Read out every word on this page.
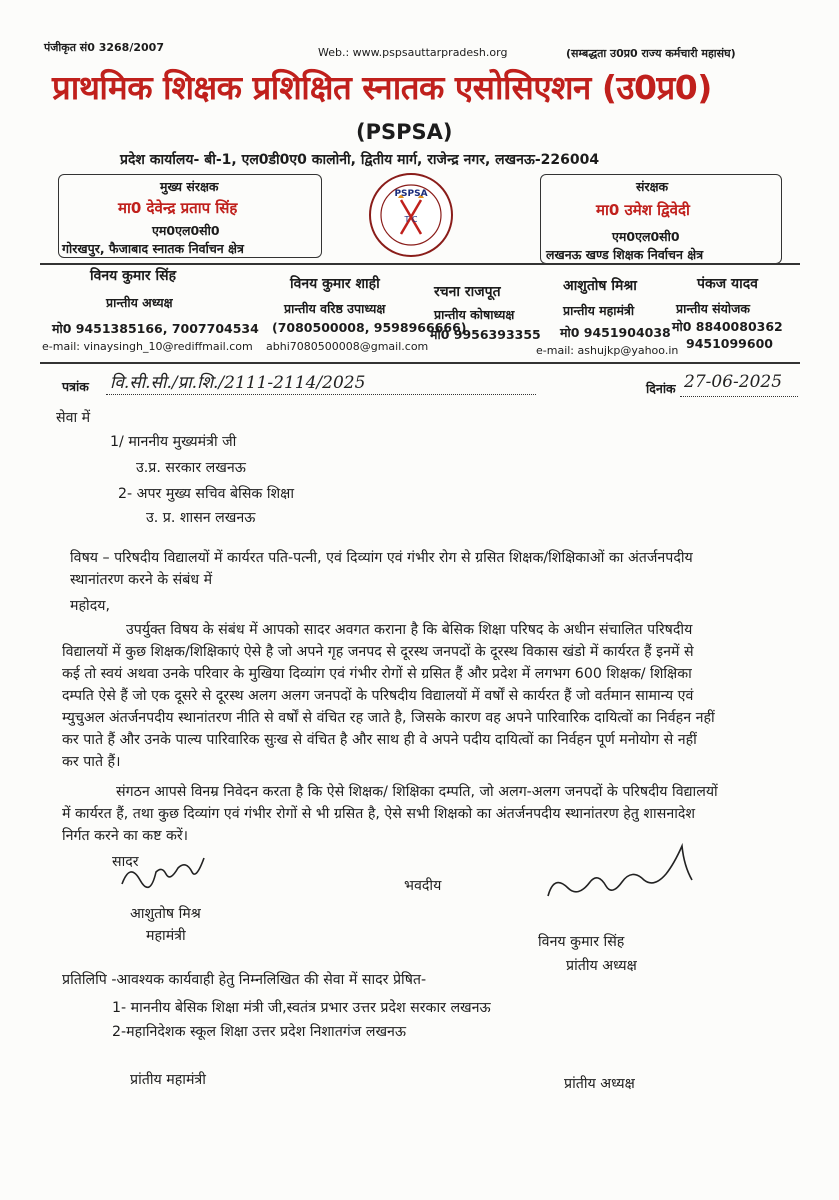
पंजीकृत सं0 3268/2007	Web.: www.pspsauttarpradesh.org	(सम्बद्धता उ0प्र0 राज्य कर्मचारी महासंघ)
प्राथमिक शिक्षक प्रशिक्षित स्नातक एसोसिएशन (उ0प्र0)
(PSPSA)
प्रदेश कार्यालय- बी-1, एल0डी0ए0 कालोनी, द्वितीय मार्ग, राजेन्द्र नगर, लखनऊ-226004
मुख्य संरक्षक
मा0 देवेन्द्र प्रताप सिंह
एम0एल0सी0
गोरखपुर, फैजाबाद स्नातक निर्वाचन क्षेत्र
संरक्षक
मा0 उमेश द्विवेदी
एम0एल0सी0
लखनऊ खण्ड शिक्षक निर्वाचन क्षेत्र
PSPSA
T C
विनय कुमार सिंह
प्रान्तीय अध्यक्ष
मो0 9451385166, 7007704534
e-mail: vinaysingh_10@rediffmail.com
विनय कुमार शाही
प्रान्तीय वरिष्ठ उपाध्यक्ष
(7080500008, 9598966666)
abhi7080500008@gmail.com
रचना राजपूत
प्रान्तीय कोषाध्यक्ष
मो0 9956393355
आशुतोष मिश्रा
प्रान्तीय महामंत्री
मो0 9451904038
e-mail: ashujkp@yahoo.in
पंकज यादव
प्रान्तीय संयोजक
मो0 8840080362
9451099600
पत्रांक वि.सी.सी./प्रा.शि./2111-2114/2025	दिनांक 27-06-2025
सेवा में
1/ माननीय मुख्यमंत्री जी
उ.प्र. सरकार लखनऊ
2- अपर मुख्य सचिव बेसिक शिक्षा
उ. प्र. शासन लखनऊ
विषय – परिषदीय विद्यालयों में कार्यरत पति-पत्नी, एवं दिव्यांग एवं गंभीर रोग से ग्रसित शिक्षक/शिक्षिकाओं का अंतर्जनपदीय
स्थानांतरण करने के संबंध में
महोदय,
उपर्युक्त विषय के संबंध में आपको सादर अवगत कराना है कि बेसिक शिक्षा परिषद के अधीन संचालित परिषदीय
विद्यालयों में कुछ शिक्षक/शिक्षिकाएं ऐसे है जो अपने गृह जनपद से दूरस्थ जनपदों के दूरस्थ विकास खंडो में कार्यरत हैं इनमें से
कई तो स्वयं अथवा उनके परिवार के मुखिया दिव्यांग एवं गंभीर रोगों से ग्रसित हैं और प्रदेश में लगभग 600 शिक्षक/ शिक्षिका
दम्पति ऐसे हैं जो एक दूसरे से दूरस्थ अलग अलग जनपदों के परिषदीय विद्यालयों में वर्षों से कार्यरत हैं जो वर्तमान सामान्य एवं
म्युचुअल अंतर्जनपदीय स्थानांतरण नीति से वर्षों से वंचित रह जाते है, जिसके कारण वह अपने पारिवारिक दायित्वों का निर्वहन नहीं
कर पाते हैं और उनके पाल्य पारिवारिक सुःख से वंचित है और साथ ही वे अपने पदीय दायित्वों का निर्वहन पूर्ण मनोयोग से नहीं
कर पाते हैं।
संगठन आपसे विनम्र निवेदन करता है कि ऐसे शिक्षक/ शिक्षिका दम्पति, जो अलग-अलग जनपदों के परिषदीय विद्यालयों
में कार्यरत हैं, तथा कुछ दिव्यांग एवं गंभीर रोगों से भी ग्रसित है, ऐसे सभी शिक्षको का अंतर्जनपदीय स्थानांतरण हेतु शासनादेश
निर्गत करने का कष्ट करें।
सादर
भवदीय
आशुतोष मिश्र
महामंत्री	विनय कुमार सिंह
प्रांतीय अध्यक्ष
प्रतिलिपि -आवश्यक कार्यवाही हेतु निम्नलिखित की सेवा में सादर प्रेषित-
1- माननीय बेसिक शिक्षा मंत्री जी,स्वतंत्र प्रभार उत्तर प्रदेश सरकार लखनऊ
2-महानिदेशक स्कूल शिक्षा उत्तर प्रदेश निशातगंज लखनऊ
प्रांतीय महामंत्री	प्रांतीय अध्यक्ष
